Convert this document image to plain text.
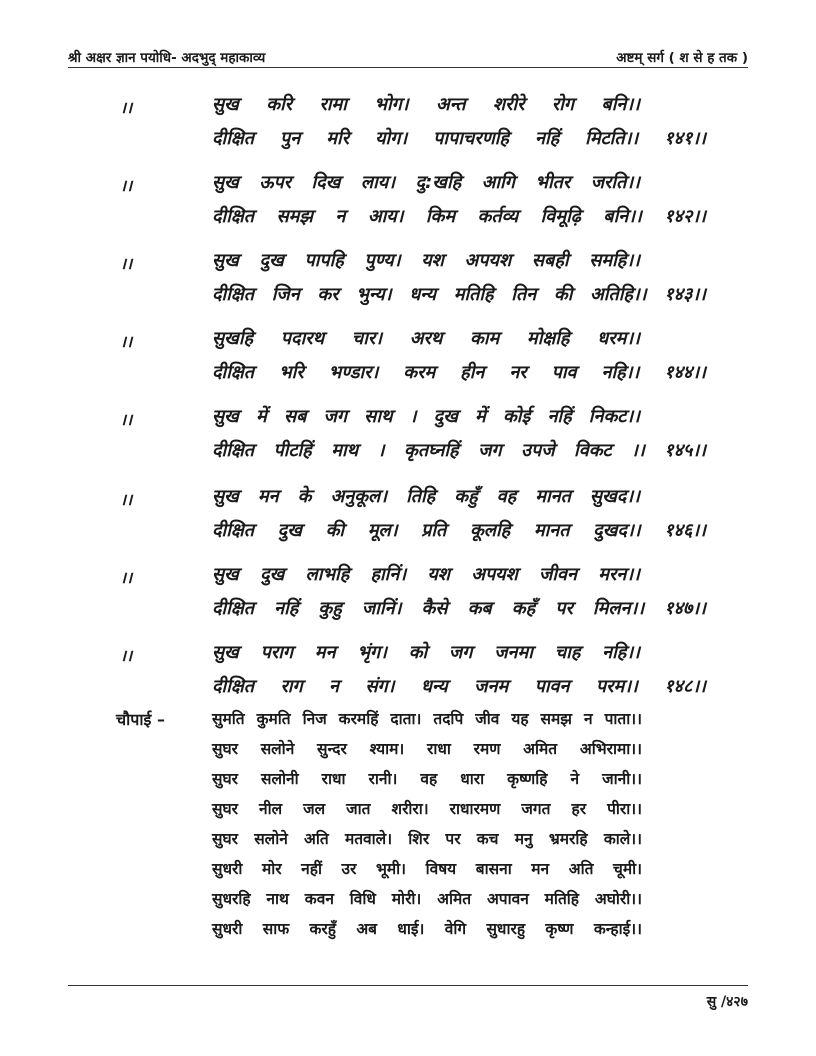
श्री अक्षर ज्ञान पयोधि- अदभुद् महाकाव्य	अष्टम् सर्ग ( श से ह तक )
।।	सुख करि रामा भोग। अन्त शरीरे रोग बनि।।
दीक्षित पुन मरि योग। पापाचरणहि नहिं मिटति।। १४१।।
।।	सुख ऊपर दिख लाय। दु:खहि आगि भीतर जरति।।
दीक्षित समझ न आय। किम कर्तव्य विमूढ़ि बनि।। १४२।।
।।	सुख दुख पापहि पुण्य। यश अपयश सबही समहि।।
दीक्षित जिन कर भुन्य। धन्य मतिहि तिन की अतिहि।। १४३।।
।।	सुखहि पदारथ चार। अरथ काम मोक्षहि धरम।।
दीक्षित भरि भण्डार। करम हीन नर पाव नहि।। १४४।।
।।	सुख में सब जग साथ । दुख में कोई नहिं निकट।।
दीक्षित पीटहिं माथ । कृतघ्नहिं जग उपजे विकट ।। १४५।।
।।	सुख मन के अनुकूल। तिहि कहुँ वह मानत सुखद।।
दीक्षित दुख की मूल। प्रति कूलहि मानत दुखद।। १४६।।
।।	सुख दुख लाभहि हानिं। यश अपयश जीवन मरन।।
दीक्षित नहिं कुहु जानिं। कैसे कब कहँ पर मिलन।। १४७।।
।।	सुख पराग मन भृंग। को जग जनमा चाह नहि।।
दीक्षित राग न संग। धन्य जनम पावन परम।। १४८।।
चौपाई –	सुमति कुमति निज करमहिं दाता। तदपि जीव यह समझ न पाता।।
सुघर सलोने सुन्दर श्याम। राधा रमण अमित अभिरामा।।
सुघर सलोनी राधा रानी। वह धारा कृष्णहि ने जानी।।
सुघर नील जल जात शरीरा। राधारमण जगत हर पीरा।।
सुघर सलोने अति मतवाले। शिर पर कच मनु भ्रमरहि काले।।
सुधरी मोर नहीं उर भूमी। विषय बासना मन अति चूमी।
सुधरहि नाथ कवन विधि मोरी। अमित अपावन मतिहि अघोरी।।
सुधरी साफ करहुँ अब धाई। वेगि सुधारहु कृष्ण कन्हाई।।
सु /४२७
